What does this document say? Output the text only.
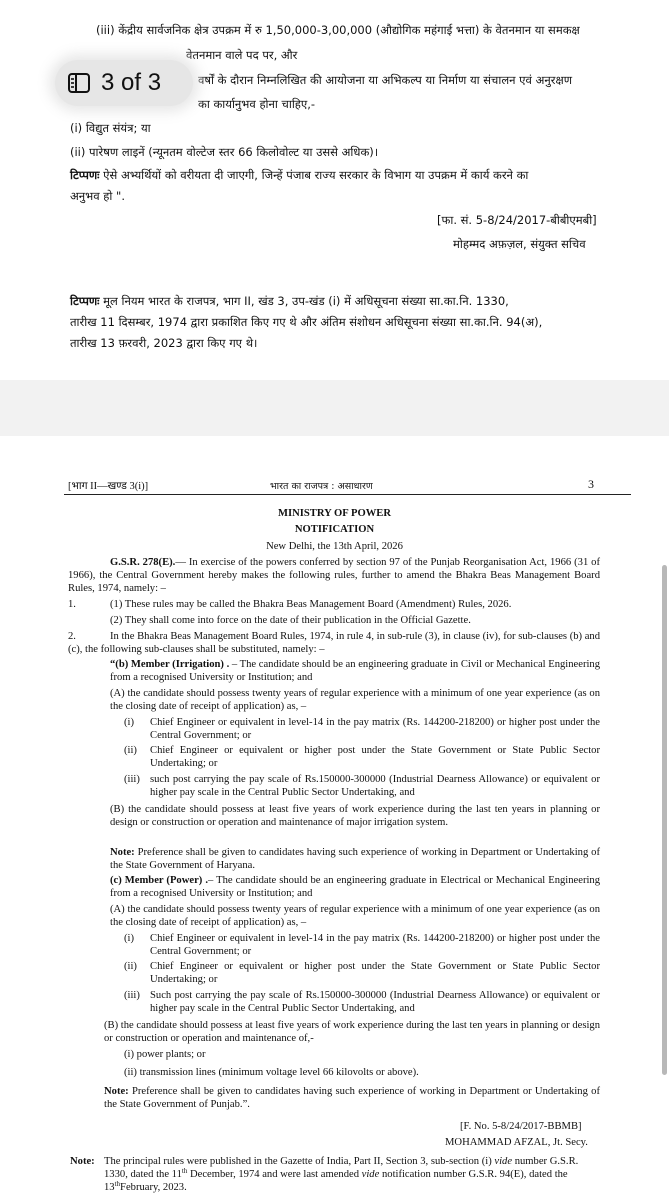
(iii) केंद्रीय सार्वजनिक क्षेत्र उपक्रम में रु 1,50,000-3,00,000 (औद्योगिक महंगाई भत्ता) के वेतनमान या समकक्ष
वेतनमान वाले पद पर, और
वर्षों के दौरान निम्नलिखित की आयोजना या अभिकल्प या निर्माण या संचालन एवं अनुरक्षण
का कार्यानुभव होना चाहिए,-
(i) विद्युत संयंत्र; या
(ii) पारेषण लाइनें (न्यूनतम वोल्टेज स्तर 66 किलोवोल्ट या उससे अधिक)।
टिप्पणः ऐसे अभ्यर्थियों को वरीयता दी जाएगी, जिन्हें पंजाब राज्य सरकार के विभाग या उपक्रम में कार्य करने का
अनुभव हो ".
[फा. सं. 5-8/24/2017-बीबीएमबी]
मोहम्मद अफ़ज़ल, संयुक्त सचिव
टिप्पणः मूल नियम भारत के राजपत्र, भाग II, खंड 3, उप-खंड (i) में अधिसूचना संख्या सा.का.नि. 1330,
तारीख 11 दिसम्बर, 1974 द्वारा प्रकाशित किए गए थे और अंतिम संशोधन अधिसूचना संख्या सा.का.नि. 94(अ),
तारीख 13 फ़रवरी, 2023 द्वारा किए गए थे।
3 of 3
[भाग II—खण्ड 3(i)]	भारत का राजपत्र : असाधारण	3
MINISTRY OF POWER
NOTIFICATION
New Delhi, the 13th April, 2026
G.S.R. 278(E).— In exercise of the powers conferred by section 97 of the Punjab Reorganisation Act, 1966 (31 of 1966), the Central Government hereby makes the following rules, further to amend the Bhakra Beas Management Board Rules, 1974, namely: –
1.	(1) These rules may be called the Bhakra Beas Management Board (Amendment) Rules, 2026.
(2) They shall come into force on the date of their publication in the Official Gazette.
2.	In the Bhakra Beas Management Board Rules, 1974, in rule 4, in sub-rule (3), in clause (iv), for sub-clauses (b) and (c), the following sub-clauses shall be substituted, namely: –
“(b) Member (Irrigation) . – The candidate should be an engineering graduate in Civil or Mechanical Engineering from a recognised University or Institution; and
(A) the candidate should possess twenty years of regular experience with a minimum of one year experience (as on the closing date of receipt of application) as, –
(i) Chief Engineer or equivalent in level-14 in the pay matrix (Rs. 144200-218200) or higher post under the Central Government; or
(ii) Chief Engineer or equivalent or higher post under the State Government or State Public Sector Undertaking; or
(iii) such post carrying the pay scale of Rs.150000-300000 (Industrial Dearness Allowance) or equivalent or higher pay scale in the Central Public Sector Undertaking, and
(B) the candidate should possess at least five years of work experience during the last ten years in planning or design or construction or operation and maintenance of major irrigation system.
Note: Preference shall be given to candidates having such experience of working in Department or Undertaking of the State Government of Haryana.
(c) Member (Power) .– The candidate should be an engineering graduate in Electrical or Mechanical Engineering from a recognised University or Institution; and
(A) the candidate should possess twenty years of regular experience with a minimum of one year experience (as on the closing date of receipt of application) as, –
(i) Chief Engineer or equivalent in level-14 in the pay matrix (Rs. 144200-218200) or higher post under the Central Government; or
(ii) Chief Engineer or equivalent or higher post under the State Government or State Public Sector Undertaking; or
(iii) Such post carrying the pay scale of Rs.150000-300000 (Industrial Dearness Allowance) or equivalent or higher pay scale in the Central Public Sector Undertaking, and
(B) the candidate should possess at least five years of work experience during the last ten years in planning or design or construction or operation and maintenance of,-
(i) power plants; or
(ii) transmission lines (minimum voltage level 66 kilovolts or above).
Note: Preference shall be given to candidates having such experience of working in Department or Undertaking of the State Government of Punjab.”.
[F. No. 5-8/24/2017-BBMB]
MOHAMMAD AFZAL, Jt. Secy.
Note: The principal rules were published in the Gazette of India, Part II, Section 3, sub-section (i) vide number G.S.R. 1330, dated the 11th December, 1974 and were last amended vide notification number G.S.R. 94(E), dated the 13thFebruary, 2023.
